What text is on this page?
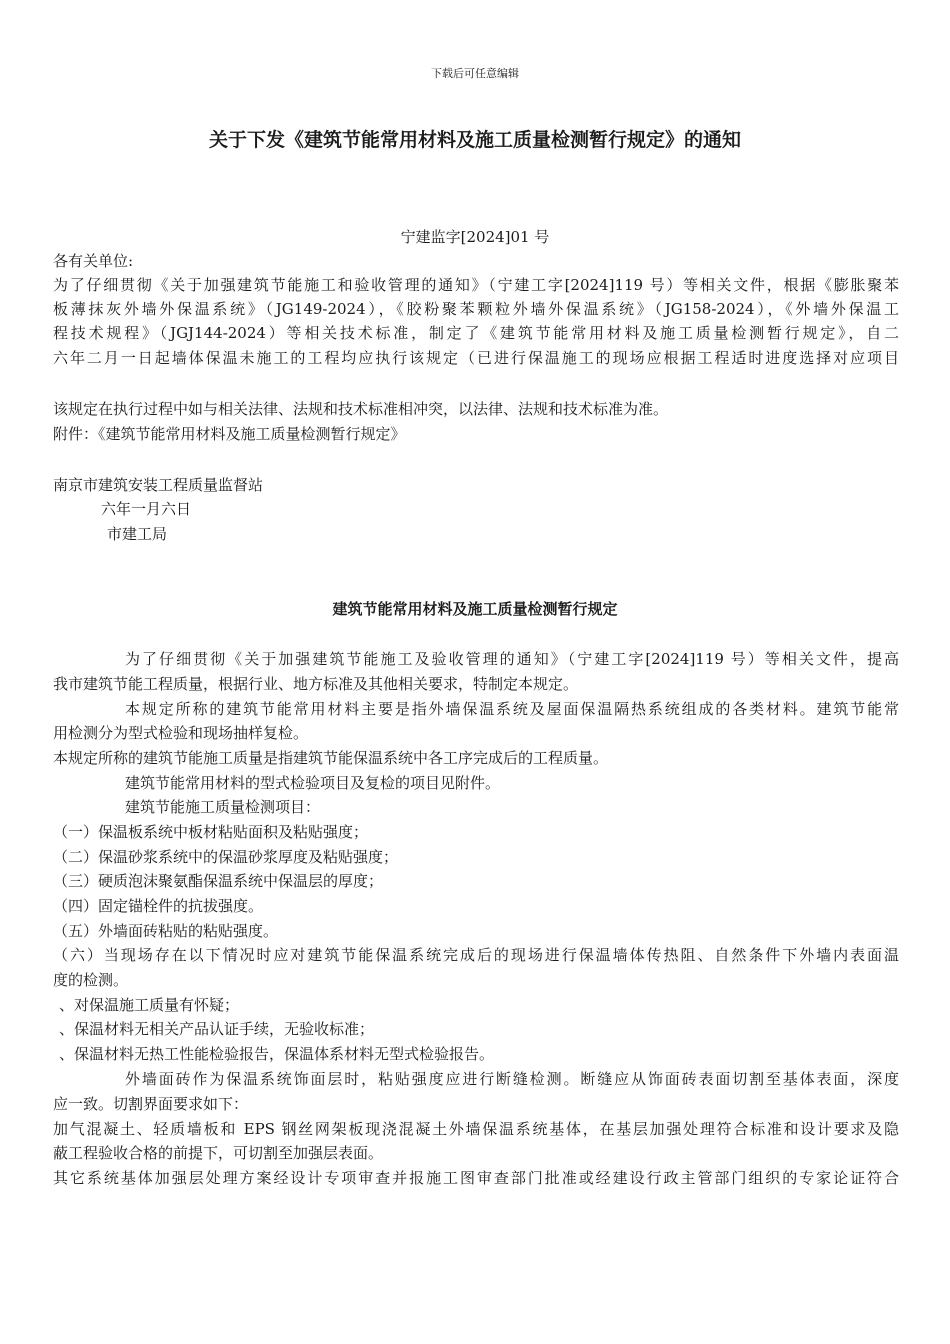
下载后可任意编辑
关于下发《建筑节能常用材料及施工质量检测暂行规定》的通知
宁建监字[2024]01 号
各有关单位:
为了仔细贯彻《关于加强建筑节能施工和验收管理的通知》（宁建工字[2024]119 号）等相关文件，根据《膨胀聚苯
板薄抹灰外墙外保温系统》（JG149-2024），《胶粉聚苯颗粒外墙外保温系统》（JG158-2024），《外墙外保温工
程技术规程》（JGJ144-2024）等相关技术标准，制定了《建筑节能常用材料及施工质量检测暂行规定》，自二
六年二月一日起墙体保温未施工的工程均应执行该规定（已进行保温施工的现场应根据工程适时进度选择对应项目
该规定在执行过程中如与相关法律、法规和技术标准相冲突，以法律、法规和技术标准为准。
附件：《建筑节能常用材料及施工质量检测暂行规定》
南京市建筑安装工程质量监督站
六年一月六日
市建工局
建筑节能常用材料及施工质量检测暂行规定
为了仔细贯彻《关于加强建筑节能施工及验收管理的通知》（宁建工字[2024]119 号）等相关文件，提高
我市建筑节能工程质量，根据行业、地方标准及其他相关要求，特制定本规定。
本规定所称的建筑节能常用材料主要是指外墙保温系统及屋面保温隔热系统组成的各类材料。建筑节能常
用检测分为型式检验和现场抽样复检。
本规定所称的建筑节能施工质量是指建筑节能保温系统中各工序完成后的工程质量。
建筑节能常用材料的型式检验项目及复检的项目见附件。
建筑节能施工质量检测项目：
（一）保温板系统中板材粘贴面积及粘贴强度；
（二）保温砂浆系统中的保温砂浆厚度及粘贴强度；
（三）硬质泡沫聚氨酯保温系统中保温层的厚度；
（四）固定锚栓件的抗拔强度。
（五）外墙面砖粘贴的粘贴强度。
（六）当现场存在以下情况时应对建筑节能保温系统完成后的现场进行保温墙体传热阻、自然条件下外墙内表面温
度的检测。
、对保温施工质量有怀疑；
、保温材料无相关产品认证手续，无验收标准；
、保温材料无热工性能检验报告，保温体系材料无型式检验报告。
外墙面砖作为保温系统饰面层时，粘贴强度应进行断缝检测。断缝应从饰面砖表面切割至基体表面，深度
应一致。切割界面要求如下：
加气混凝土、轻质墙板和 EPS 钢丝网架板现浇混凝土外墙保温系统基体，在基层加强处理符合标准和设计要求及隐
蔽工程验收合格的前提下，可切割至加强层表面。
其它系统基体加强层处理方案经设计专项审查并报施工图审查部门批准或经建设行政主管部门组织的专家论证符合
